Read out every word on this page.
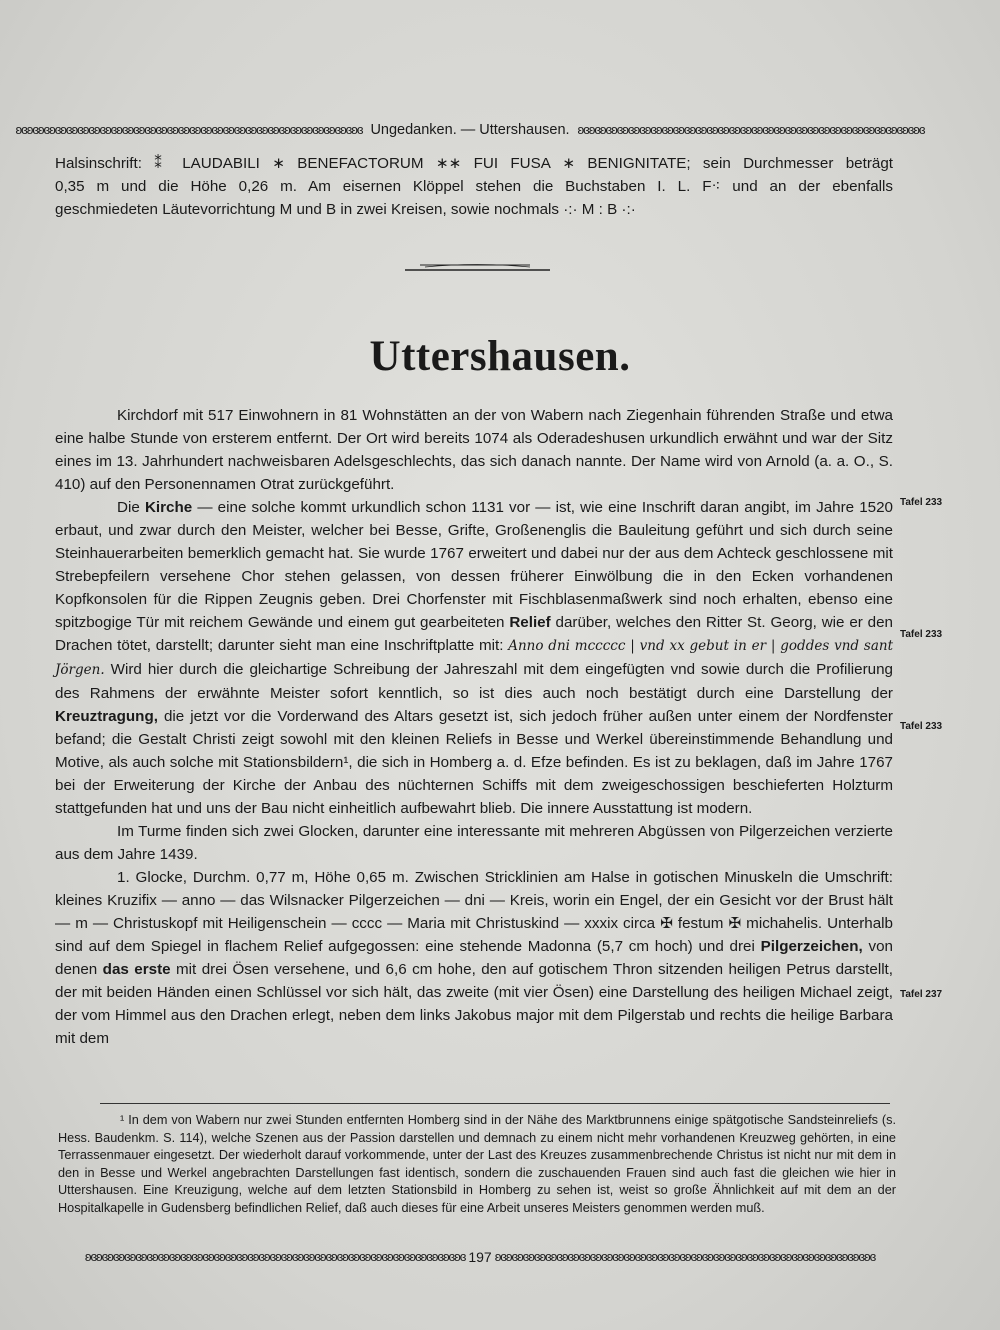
ʚɞʚɞʚɞʚɞʚɞʚɞʚɞʚɞʚɞʚɞʚɞʚɞʚɞʚɞʚɞʚɞʚɞʚɞʚɞʚɞʚɞʚɞʚɞʚɞʚɞʚɞʚɞʚɞʚɞʚɞʚɞ Ungedanken. — Uttershausen. ʚɞʚɞʚɞʚɞʚɞʚɞʚɞʚɞʚɞʚɞʚɞʚɞʚɞʚɞʚɞʚɞʚɞʚɞʚɞʚɞʚɞʚɞʚɞʚɞʚɞʚɞʚɞʚɞʚɞʚɞʚɞ

Halsinschrift: ⁑ LAUDABILI ∗ BENEFACTORUM ∗∗ FUI FUSA ∗ BENIGNITATE; sein Durchmesser beträgt

0,35 m und die Höhe 0,26 m. Am eisernen Klöppel stehen die Buchstaben I. L. F⁖ und an der ebenfalls

geschmiedeten Läutevorrichtung M und B in zwei Kreisen, sowie nochmals ·:· M : B ·:·

Uttershausen.

Kirchdorf mit 517 Einwohnern in 81 Wohnstätten an der von Wabern nach Ziegenhain führenden Straße und etwa eine halbe Stunde von ersterem entfernt. Der Ort wird bereits 1074 als Oderadeshusen urkundlich erwähnt und war der Sitz eines im 13. Jahrhundert nachweisbaren Adelsgeschlechts, das sich danach nannte. Der Name wird von Arnold (a. a. O., S. 410) auf den Personennamen Otrat zurückgeführt.

Die Kirche — eine solche kommt urkundlich schon 1131 vor — ist, wie eine Inschrift daran angibt, im Jahre 1520 erbaut, und zwar durch den Meister, welcher bei Besse, Grifte, Großenenglis die Bauleitung geführt und sich durch seine Steinhauerarbeiten bemerklich gemacht hat. Sie wurde 1767 erweitert und dabei nur der aus dem Achteck geschlossene mit Strebepfeilern versehene Chor stehen gelassen, von dessen früherer Einwölbung die in den Ecken vorhandenen Kopfkonsolen für die Rippen Zeugnis geben. Drei Chorfenster mit Fischblasenmaßwerk sind noch erhalten, ebenso eine spitzbogige Tür mit reichem Gewände und einem gut gearbeiteten Relief darüber, welches den Ritter St. Georg, wie er den Drachen tötet, darstellt; darunter sieht man eine Inschriftplatte mit: Anno dni mccccc | vnd xx gebut in er | goddes vnd sant Jörgen. Wird hier durch die gleichartige Schreibung der Jahreszahl mit dem eingefügten vnd sowie durch die Profilierung des Rahmens der erwähnte Meister sofort kenntlich, so ist dies auch noch bestätigt durch eine Darstellung der Kreuztragung, die jetzt vor die Vorderwand des Altars gesetzt ist, sich jedoch früher außen unter einem der Nordfenster befand; die Gestalt Christi zeigt sowohl mit den kleinen Reliefs in Besse und Werkel übereinstimmende Behandlung und Motive, als auch solche mit Stationsbildern¹, die sich in Homberg a. d. Efze befinden. Es ist zu beklagen, daß im Jahre 1767 bei der Erweiterung der Kirche der Anbau des nüchternen Schiffs mit dem zweigeschossigen beschieferten Holzturm stattgefunden hat und uns der Bau nicht einheitlich aufbewahrt blieb. Die innere Ausstattung ist modern.

Im Turme finden sich zwei Glocken, darunter eine interessante mit mehreren Abgüssen von Pilgerzeichen verzierte aus dem Jahre 1439.

1. Glocke, Durchm. 0,77 m, Höhe 0,65 m. Zwischen Stricklinien am Halse in gotischen Minuskeln die Umschrift: kleines Kruzifix — anno — das Wilsnacker Pilgerzeichen — dni — Kreis, worin ein Engel, der ein Gesicht vor der Brust hält — m — Christuskopf mit Heiligenschein — cccc — Maria mit Christuskind — xxxix circa ✠ festum ✠ michahelis. Unterhalb sind auf dem Spiegel in flachem Relief aufgegossen: eine stehende Madonna (5,7 cm hoch) und drei Pilgerzeichen, von denen das erste mit drei Ösen versehene, und 6,6 cm hohe, den auf gotischem Thron sitzenden heiligen Petrus darstellt, der mit beiden Händen einen Schlüssel vor sich hält, das zweite (mit vier Ösen) eine Darstellung des heiligen Michael zeigt, der vom Himmel aus den Drachen erlegt, neben dem links Jakobus major mit dem Pilgerstab und rechts die heilige Barbara mit dem

Tafel 233
Tafel 233
Tafel 233
Tafel 237

¹ In dem von Wabern nur zwei Stunden entfernten Homberg sind in der Nähe des Marktbrunnens einige spätgotische Sandsteinreliefs (s. Hess. Baudenkm. S. 114), welche Szenen aus der Passion darstellen und demnach zu einem nicht mehr vorhandenen Kreuzweg gehörten, in eine Terrassenmauer eingesetzt. Der wiederholt darauf vorkommende, unter der Last des Kreuzes zusammenbrechende Christus ist nicht nur mit dem in den in Besse und Werkel angebrachten Darstellungen fast identisch, sondern die zuschauenden Frauen sind auch fast die gleichen wie hier in Uttershausen. Eine Kreuzigung, welche auf dem letzten Stationsbild in Homberg zu sehen ist, weist so große Ähnlichkeit auf mit dem an der Hospitalkapelle in Gudensberg befindlichen Relief, daß auch dieses für eine Arbeit unseres Meisters genommen werden muß.

ʚɞʚɞʚɞʚɞʚɞʚɞʚɞʚɞʚɞʚɞʚɞʚɞʚɞʚɞʚɞʚɞʚɞʚɞʚɞʚɞʚɞʚɞʚɞʚɞʚɞʚɞʚɞʚɞʚɞʚɞʚɞʚɞʚɞʚɞ 197 ʚɞʚɞʚɞʚɞʚɞʚɞʚɞʚɞʚɞʚɞʚɞʚɞʚɞʚɞʚɞʚɞʚɞʚɞʚɞʚɞʚɞʚɞʚɞʚɞʚɞʚɞʚɞʚɞʚɞʚɞʚɞʚɞʚɞʚɞ
